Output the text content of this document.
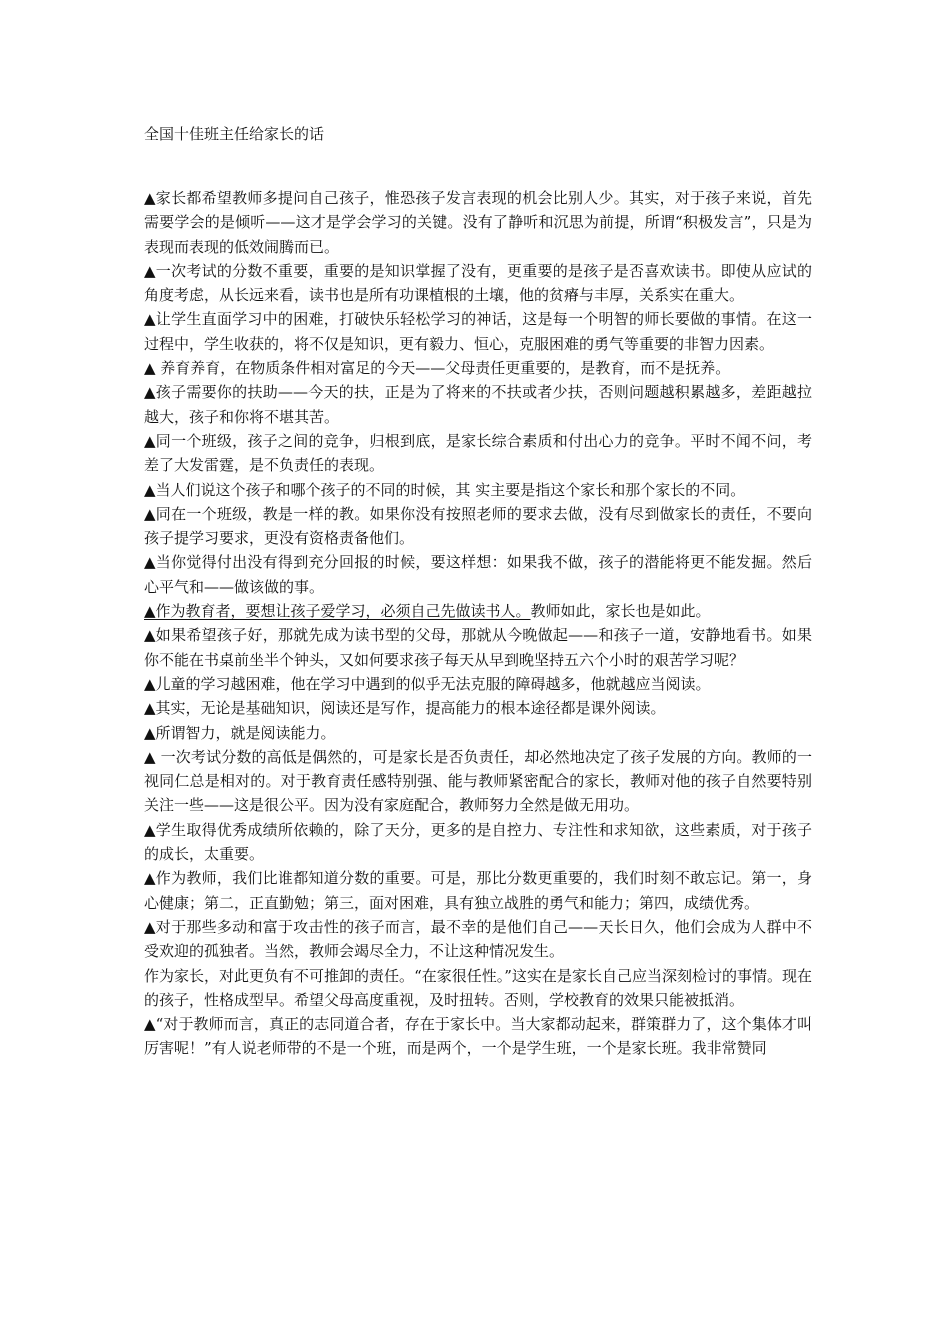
全国十佳班主任给家长的话

▲家长都希望教师多提问自己孩子，惟恐孩子发言表现的机会比别人少。其实，对于孩子来说，首先需要学会的是倾听——这才是学会学习的关键。没有了静听和沉思为前提，所谓“积极发言”，只是为表现而表现的低效闹腾而已。

▲一次考试的分数不重要，重要的是知识掌握了没有，更重要的是孩子是否喜欢读书。即使从应试的角度考虑，从长远来看，读书也是所有功课植根的土壤，他的贫瘠与丰厚，关系实在重大。

▲让学生直面学习中的困难，打破快乐轻松学习的神话，这是每一个明智的师长要做的事情。在这一过程中，学生收获的，将不仅是知识，更有毅力、恒心，克服困难的勇气等重要的非智力因素。

▲ 养育养育，在物质条件相对富足的今天——父母责任更重要的，是教育，而不是抚养。

▲孩子需要你的扶助——今天的扶，正是为了将来的不扶或者少扶，否则问题越积累越多，差距越拉越大，孩子和你将不堪其苦。

▲同一个班级，孩子之间的竞争，归根到底，是家长综合素质和付出心力的竞争。平时不闻不问，考差了大发雷霆，是不负责任的表现。

▲当人们说这个孩子和哪个孩子的不同的时候，其 实主要是指这个家长和那个家长的不同。

▲同在一个班级，教是一样的教。如果你没有按照老师的要求去做，没有尽到做家长的责任，不要向孩子提学习要求，更没有资格责备他们。

▲当你觉得付出没有得到充分回报的时候，要这样想：如果我不做，孩子的潜能将更不能发掘。然后心平气和——做该做的事。

▲作为教育者，要想让孩子爱学习，必须自己先做读书人。教师如此，家长也是如此。

▲如果希望孩子好，那就先成为读书型的父母，那就从今晚做起——和孩子一道，安静地看书。如果你不能在书桌前坐半个钟头，又如何要求孩子每天从早到晚坚持五六个小时的艰苦学习呢？

▲儿童的学习越困难，他在学习中遇到的似乎无法克服的障碍越多，他就越应当阅读。

▲其实，无论是基础知识，阅读还是写作，提高能力的根本途径都是课外阅读。

▲所谓智力，就是阅读能力。

▲ 一次考试分数的高低是偶然的，可是家长是否负责任，却必然地决定了孩子发展的方向。教师的一视同仁总是相对的。对于教育责任感特别强、能与教师紧密配合的家长，教师对他的孩子自然要特别关注一些——这是很公平。因为没有家庭配合，教师努力全然是做无用功。

▲学生取得优秀成绩所依赖的，除了天分，更多的是自控力、专注性和求知欲，这些素质，对于孩子的成长，太重要。

▲作为教师，我们比谁都知道分数的重要。可是，那比分数更重要的，我们时刻不敢忘记。第一，身心健康；第二，正直勤勉；第三，面对困难，具有独立战胜的勇气和能力；第四，成绩优秀。

▲对于那些多动和富于攻击性的孩子而言，最不幸的是他们自己——天长日久，他们会成为人群中不受欢迎的孤独者。当然，教师会竭尽全力，不让这种情况发生。

作为家长，对此更负有不可推卸的责任。“在家很任性。”这实在是家长自己应当深刻检讨的事情。现在的孩子，性格成型早。希望父母高度重视，及时扭转。否则，学校教育的效果只能被抵消。

▲“对于教师而言，真正的志同道合者，存在于家长中。当大家都动起来，群策群力了，这个集体才叫厉害呢！”有人说老师带的不是一个班，而是两个，一个是学生班，一个是家长班。我非常赞同
